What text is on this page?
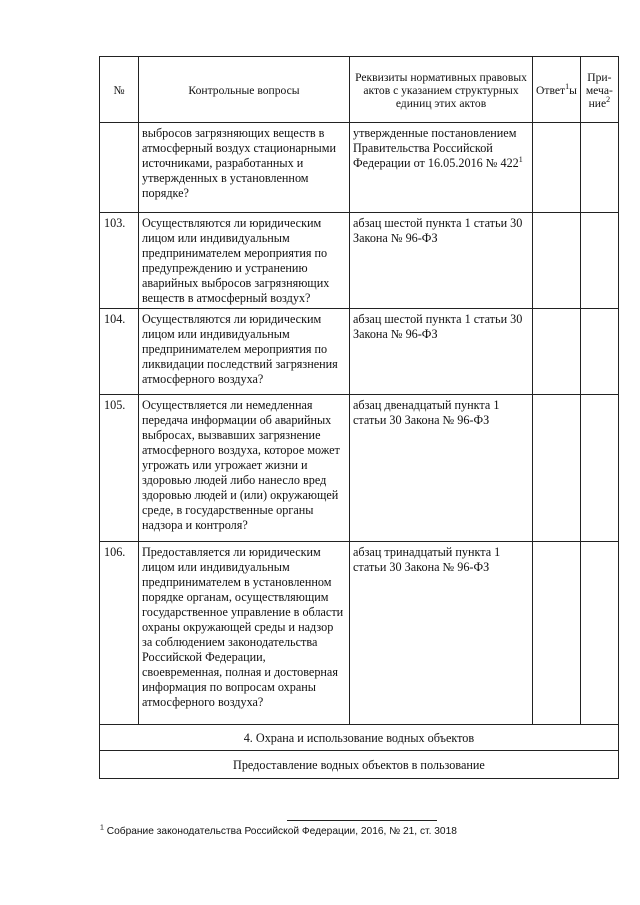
№	Контрольные вопросы	Реквизиты нормативных правовых актов с указанием структурных единиц этих актов	Ответ$^1$ы	При-меча-ние$^2$
	выбросов загрязняющих веществ в атмосферный воздух стационарными источниками, разработанных и утвержденных в установленном порядке?	утвержденные постановлением Правительства Российской Федерации от 16.05.2016 № $422^1$		
103.	Осуществляются ли юридическим лицом или индивидуальным предпринимателем мероприятия по предупреждению и устранению аварийных выбросов загрязняющих веществ в атмосферный воздух?	абзац шестой пункта 1 статьи 30 Закона № 96-ФЗ		
104.	Осуществляются ли юридическим лицом или индивидуальным предпринимателем мероприятия по ликвидации последствий загрязнения атмосферного воздуха?	абзац шестой пункта 1 статьи 30 Закона № 96-ФЗ		
105.	Осуществляется ли немедленная передача информации об аварийных выбросах, вызвавших загрязнение атмосферного воздуха, которое может угрожать или угрожает жизни и здоровью людей либо нанесло вред здоровью людей и (или) окружающей среде, в государственные органы надзора и контроля?	абзац двенадцатый пункта 1 статьи 30 Закона № 96-ФЗ		
106.	Предоставляется ли юридическим лицом или индивидуальным предпринимателем в установленном порядке органам, осуществляющим государственное управление в области охраны окружающей среды и надзор за соблюдением законодательства Российской Федерации, своевременная, полная и достоверная информация по вопросам охраны атмосферного воздуха?	абзац тринадцатый пункта 1 статьи 30 Закона № 96-ФЗ		
4. Охрана и использование водных объектов				
Предоставление водных объектов в пользование				
$^1$ Собрание законодательства Российской Федерации, 2016, № 21, ст. 3018
